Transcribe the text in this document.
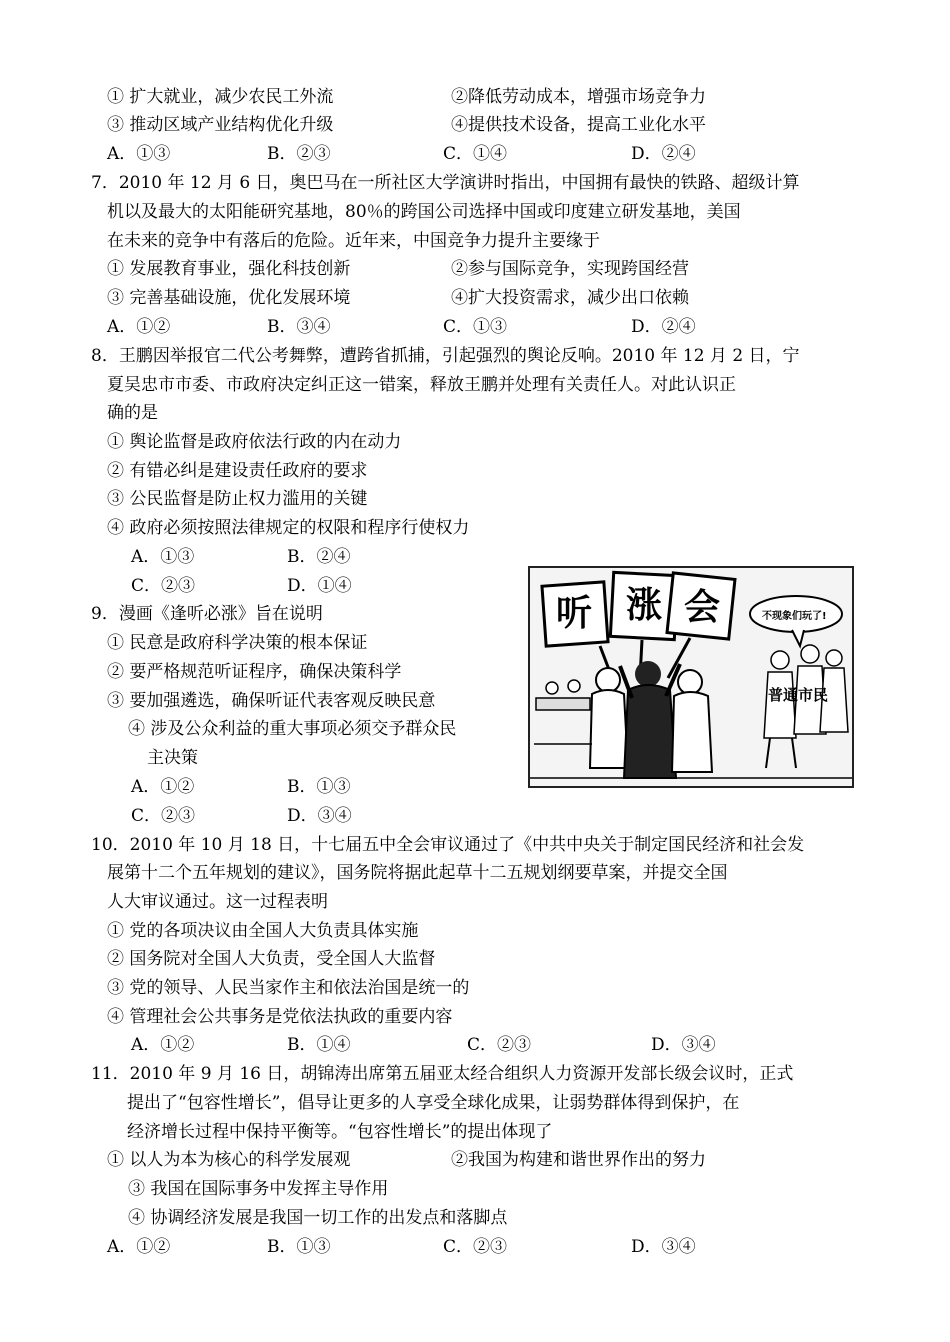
① 扩大就业，减少农民工外流	②降低劳动成本，增强市场竞争力
③ 推动区域产业结构优化升级	④提供技术设备，提高工业化水平
A．①③	B．②③	C．①④	D．②④
7．2010 年 12 月 6 日，奥巴马在一所社区大学演讲时指出，中国拥有最快的铁路、超级计算
机以及最大的太阳能研究基地，80％的跨国公司选择中国或印度建立研发基地，美国
在未来的竞争中有落后的危险。近年来，中国竞争力提升主要缘于
① 发展教育事业，强化科技创新	②参与国际竞争，实现跨国经营
③ 完善基础设施，优化发展环境	④扩大投资需求，减少出口依赖
A．①②	B．③④	C．①③	D．②④
8．王鹏因举报官二代公考舞弊，遭跨省抓捕，引起强烈的舆论反响。2010 年 12 月 2 日，宁
夏吴忠市市委、市政府决定纠正这一错案，释放王鹏并处理有关责任人。对此认识正
确的是
① 舆论监督是政府依法行政的内在动力
② 有错必纠是建设责任政府的要求
③ 公民监督是防止权力滥用的关键
④ 政府必须按照法律规定的权限和程序行使权力
A．①③	B．②④
C．②③	D．①④
9．漫画《逢听必涨》旨在说明
① 民意是政府科学决策的根本保证
② 要严格规范听证程序，确保决策科学
③ 要加强遴选，确保听证代表客观反映民意
④ 涉及公众利益的重大事项必须交予群众民
主决策
A．①②	B．①③
C．②③	D．③④
听 涨 会	不现象们玩了!
普通市民
10．2010 年 10 月 18 日，十七届五中全会审议通过了《中共中央关于制定国民经济和社会发
展第十二个五年规划的建议》，国务院将据此起草十二五规划纲要草案，并提交全国
人大审议通过。这一过程表明
① 党的各项决议由全国人大负责具体实施
② 国务院对全国人大负责，受全国人大监督
③ 党的领导、人民当家作主和依法治国是统一的
④ 管理社会公共事务是党依法执政的重要内容
A．①②	B．①④	C．②③	D．③④
11．2010 年 9 月 16 日，胡锦涛出席第五届亚太经合组织人力资源开发部长级会议时，正式
提出了“包容性增长”，倡导让更多的人享受全球化成果，让弱势群体得到保护，在
经济增长过程中保持平衡等。“包容性增长”的提出体现了
① 以人为本为核心的科学发展观	②我国为构建和谐世界作出的努力
③ 我国在国际事务中发挥主导作用
④ 协调经济发展是我国一切工作的出发点和落脚点
A．①②	B．①③	C．②③	D．③④
